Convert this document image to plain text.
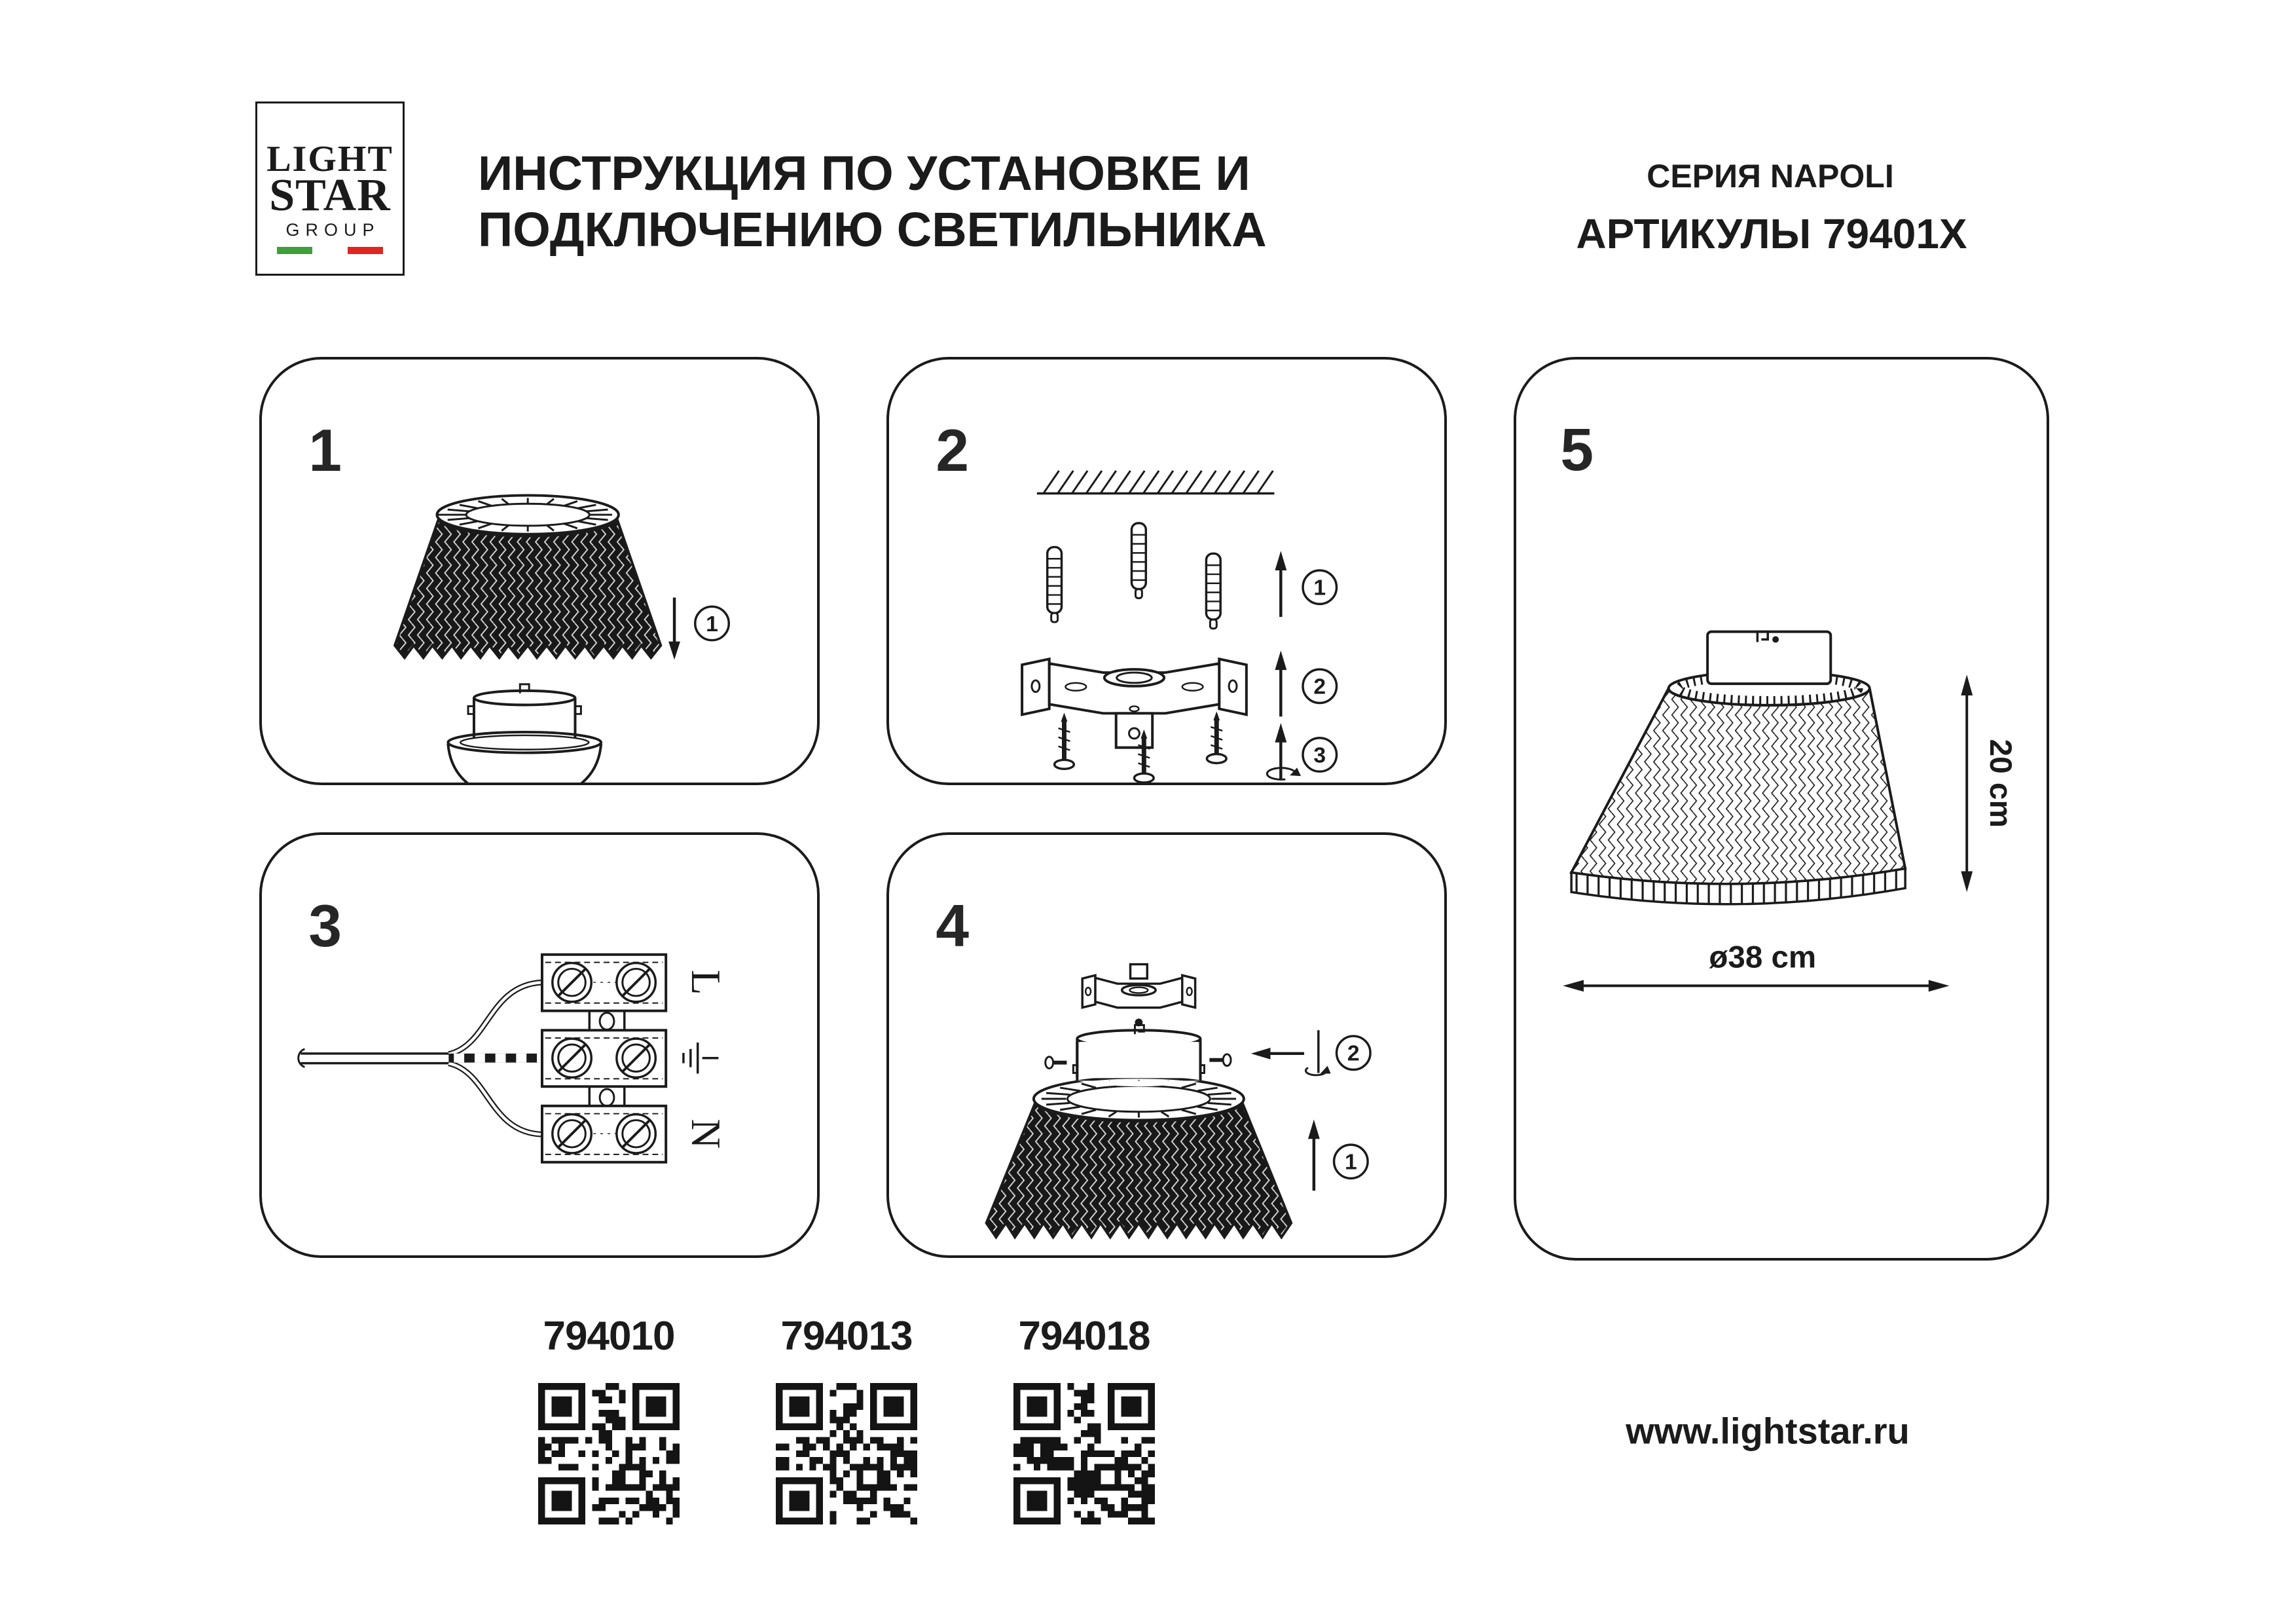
LIGHT
STAR
GROUP
ИНСТРУКЦИЯ ПО УСТАНОВКЕ И
ПОДКЛЮЧЕНИЮ СВЕТИЛЬНИКА
СЕРИЯ NAPOLI
АРТИКУЛЫ 79401X
1
1
2
1
2
3
3
L
N
4
2
1
5
20 cm
ø38 cm
794010	794013	794018
www.lightstar.ru
